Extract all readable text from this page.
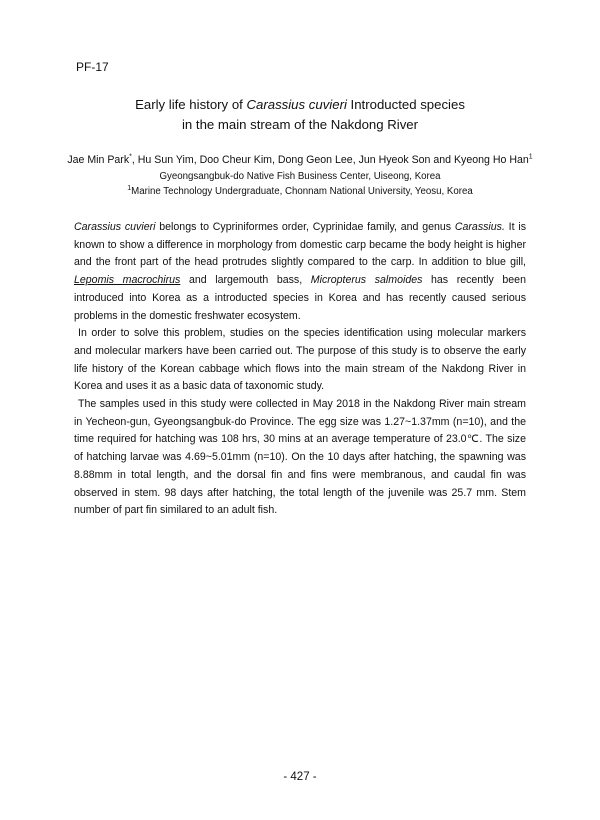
PF-17
Early life history of Carassius cuvieri Introducted species
in the main stream of the Nakdong River
Jae Min Park*, Hu Sun Yim, Doo Cheur Kim, Dong Geon Lee, Jun Hyeok Son and Kyeong Ho Han$^1$
Gyeongsangbuk-do Native Fish Business Center, Uiseong, Korea
$^1$Marine Technology Undergraduate, Chonnam National University, Yeosu, Korea

Carassius cuvieri belongs to Cypriniformes order, Cyprinidae family, and genus Carassius. It is known to show a difference in morphology from domestic carp became the body height is higher and the front part of the head protrudes slightly compared to the carp. In addition to blue gill, Lepomis macrochirus and largemouth bass, Micropterus salmoides has recently been introduced into Korea as a introducted species in Korea and has recently caused serious problems in the domestic freshwater ecosystem.

In order to solve this problem, studies on the species identification using molecular markers and molecular markers have been carried out. The purpose of this study is to observe the early life history of the Korean cabbage which flows into the main stream of the Nakdong River in Korea and uses it as a basic data of taxonomic study.

The samples used in this study were collected in May 2018 in the Nakdong River main stream in Yecheon-gun, Gyeongsangbuk-do Province. The egg size was 1.27~1.37mm (n=10), and the time required for hatching was 108 hrs, 30 mins at an average temperature of 23.0℃. The size of hatching larvae was 4.69~5.01mm (n=10). On the 10 days after hatching, the spawning was 8.88mm in total length, and the dorsal fin and fins were membranous, and caudal fin was observed in stem. 98 days after hatching, the total length of the juvenile was 25.7 mm. Stem number of part fin similared to an adult fish.

- 427 -
